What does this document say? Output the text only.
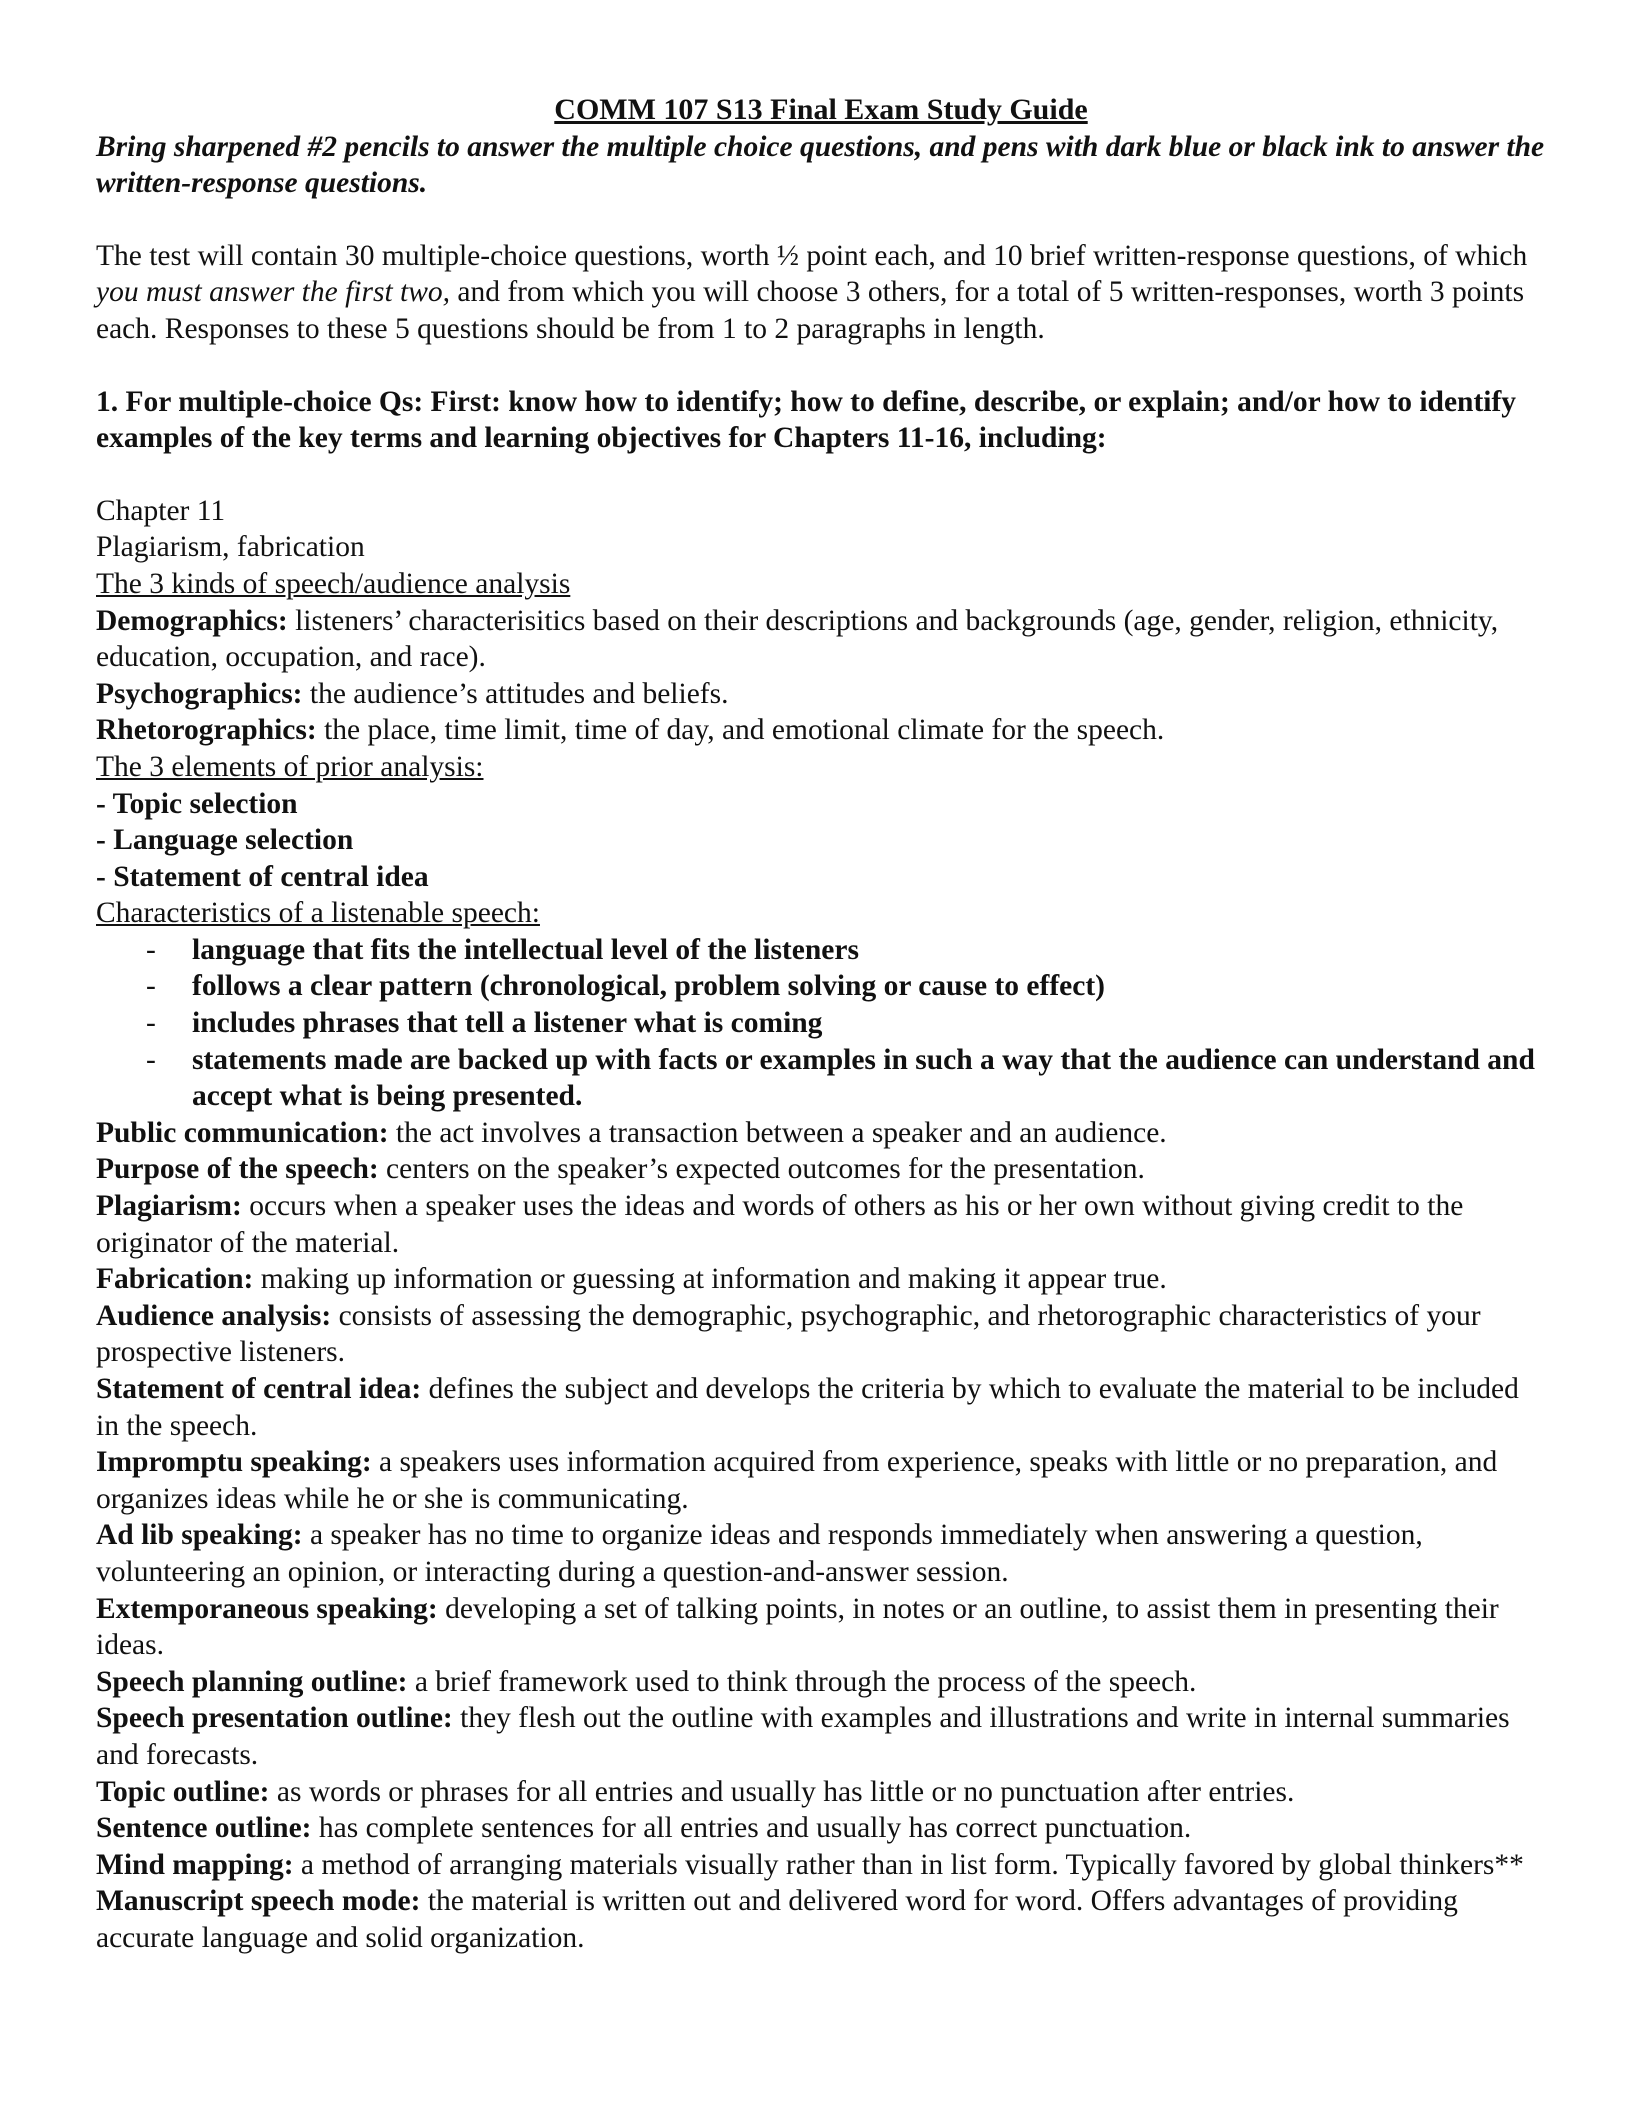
COMM 107 S13 Final Exam Study Guide

Bring sharpened #2 pencils to answer the multiple choice questions, and pens with dark blue or black ink to answer the written-response questions.

The test will contain 30 multiple-choice questions, worth ½ point each, and 10 brief written-response questions, of which you must answer the first two, and from which you will choose 3 others, for a total of 5 written-responses, worth 3 points each. Responses to these 5 questions should be from 1 to 2 paragraphs in length.

1. For multiple-choice Qs: First: know how to identify; how to define, describe, or explain; and/or how to identify examples of the key terms and learning objectives for Chapters 11-16, including:

Chapter 11
Plagiarism, fabrication
The 3 kinds of speech/audience analysis

Demographics: listeners’ characterisitics based on their descriptions and backgrounds (age, gender, religion, ethnicity, education, occupation, and race).

Psychographics: the audience’s attitudes and beliefs.

Rhetorographics: the place, time limit, time of day, and emotional climate for the speech.

The 3 elements of prior analysis:
- Topic selection
- Language selection
- Statement of central idea
Characteristics of a listenable speech:
- language that fits the intellectual level of the listeners
- follows a clear pattern (chronological, problem solving or cause to effect)
- includes phrases that tell a listener what is coming
- statements made are backed up with facts or examples in such a way that the audience can understand and accept what is being presented.

Public communication: the act involves a transaction between a speaker and an audience.

Purpose of the speech: centers on the speaker’s expected outcomes for the presentation.

Plagiarism: occurs when a speaker uses the ideas and words of others as his or her own without giving credit to the originator of the material.

Fabrication: making up information or guessing at information and making it appear true.

Audience analysis: consists of assessing the demographic, psychographic, and rhetorographic characteristics of your prospective listeners.

Statement of central idea: defines the subject and develops the criteria by which to evaluate the material to be included in the speech.

Impromptu speaking: a speakers uses information acquired from experience, speaks with little or no preparation, and organizes ideas while he or she is communicating.

Ad lib speaking: a speaker has no time to organize ideas and responds immediately when answering a question, volunteering an opinion, or interacting during a question-and-answer session.

Extemporaneous speaking: developing a set of talking points, in notes or an outline, to assist them in presenting their ideas.

Speech planning outline: a brief framework used to think through the process of the speech.

Speech presentation outline: they flesh out the outline with examples and illustrations and write in internal summaries and forecasts.

Topic outline: as words or phrases for all entries and usually has little or no punctuation after entries.

Sentence outline: has complete sentences for all entries and usually has correct punctuation.

Mind mapping: a method of arranging materials visually rather than in list form. Typically favored by global thinkers**

Manuscript speech mode: the material is written out and delivered word for word. Offers advantages of providing accurate language and solid organization.
